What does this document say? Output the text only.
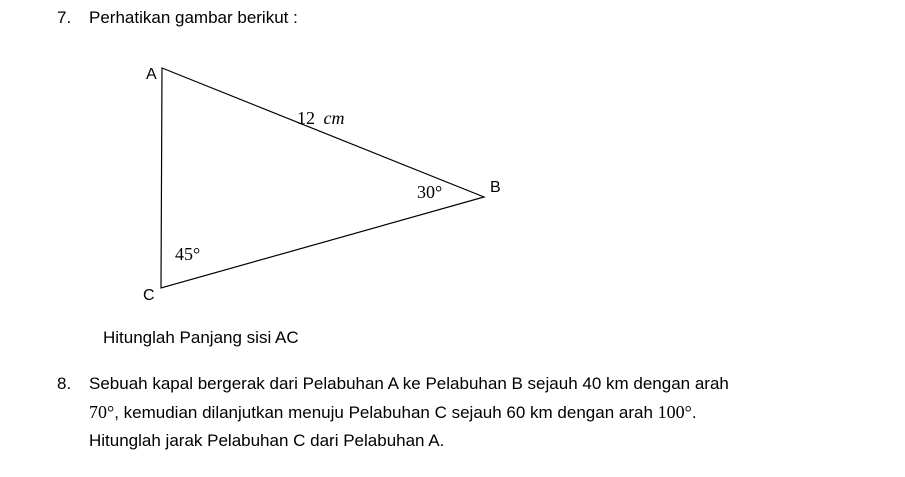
7. Perhatikan gambar berikut :
A
B
C
12 cm
30°
45°
Hitunglah Panjang sisi AC
8. Sebuah kapal bergerak dari Pelabuhan A ke Pelabuhan B sejauh 40 km dengan arah
70°, kemudian dilanjutkan menuju Pelabuhan C sejauh 60 km dengan arah 100°.
Hitunglah jarak Pelabuhan C dari Pelabuhan A.
